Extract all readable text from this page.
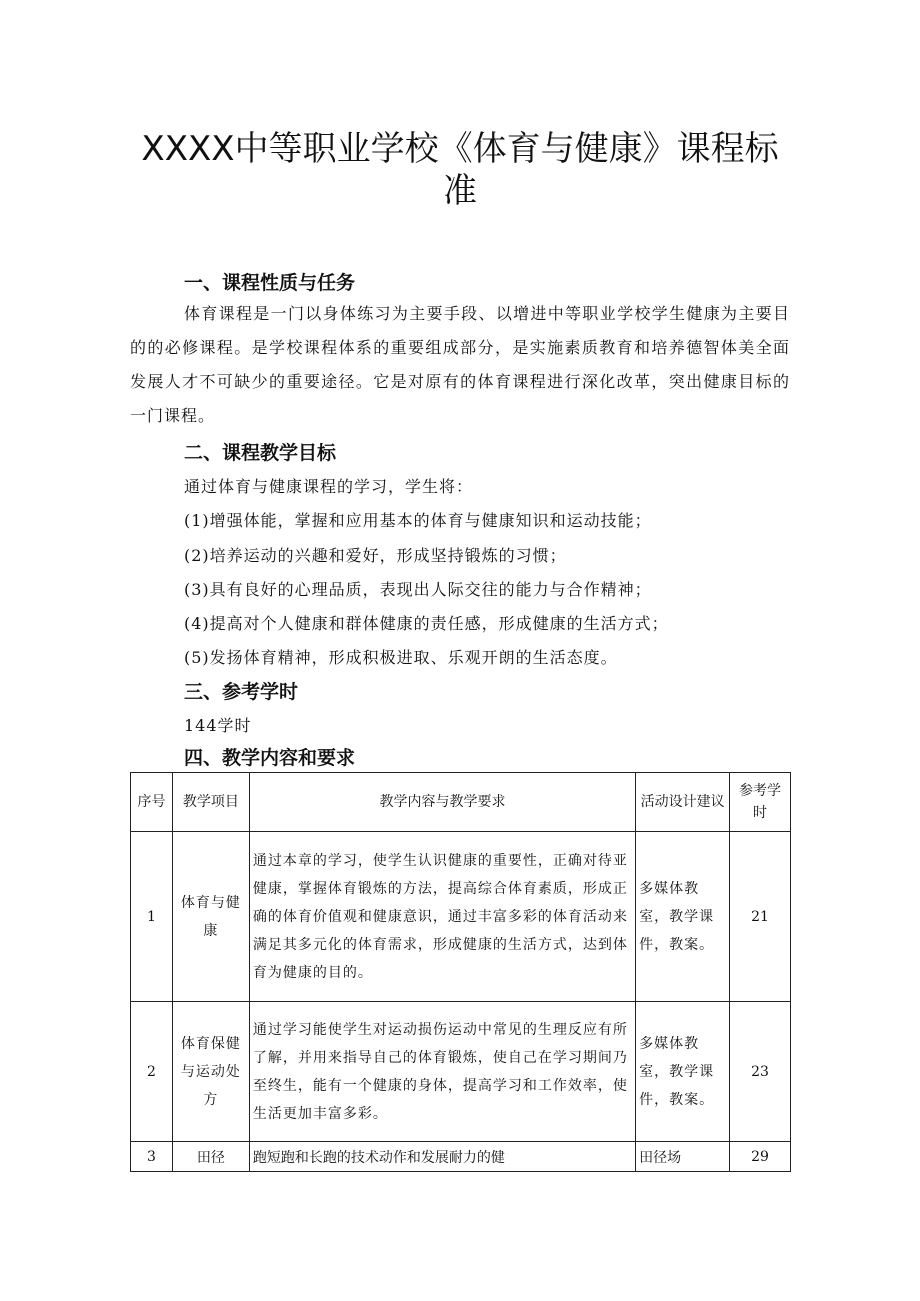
XXXX中等职业学校《体育与健康》课程标准
一、课程性质与任务
体育课程是一门以身体练习为主要手段、以增进中等职业学校学生健康为主要目的的必修课程。是学校课程体系的重要组成部分，是实施素质教育和培养德智体美全面发展人才不可缺少的重要途径。它是对原有的体育课程进行深化改革，突出健康目标的一门课程。
二、课程教学目标
通过体育与健康课程的学习，学生将：
(1)增强体能，掌握和应用基本的体育与健康知识和运动技能；
(2)培养运动的兴趣和爱好，形成坚持锻炼的习惯；
(3)具有良好的心理品质，表现出人际交往的能力与合作精神；
(4)提高对个人健康和群体健康的责任感，形成健康的生活方式；
(5)发扬体育精神，形成积极进取、乐观开朗的生活态度。
三、参考学时
144学时
四、教学内容和要求
序号	教学项目	教学内容与教学要求	活动设计建议	参考学时
1	体育与健康	通过本章的学习，使学生认识健康的重要性，正确对待亚健康，掌握体育锻炼的方法，提高综合体育素质，形成正确的体育价值观和健康意识，通过丰富多彩的体育活动来满足其多元化的体育需求，形成健康的生活方式，达到体育为健康的目的。	多媒体教室，教学课件，教案。	21
2	体育保健与运动处方	通过学习能使学生对运动损伤运动中常见的生理反应有所了解，并用来指导自己的体育锻炼，使自己在学习期间乃至终生，能有一个健康的身体，提高学习和工作效率，使生活更加丰富多彩。	多媒体教室，教学课件，教案。	23
3	田径	跑短跑和长跑的技术动作和发展耐力的健	田径场	29
